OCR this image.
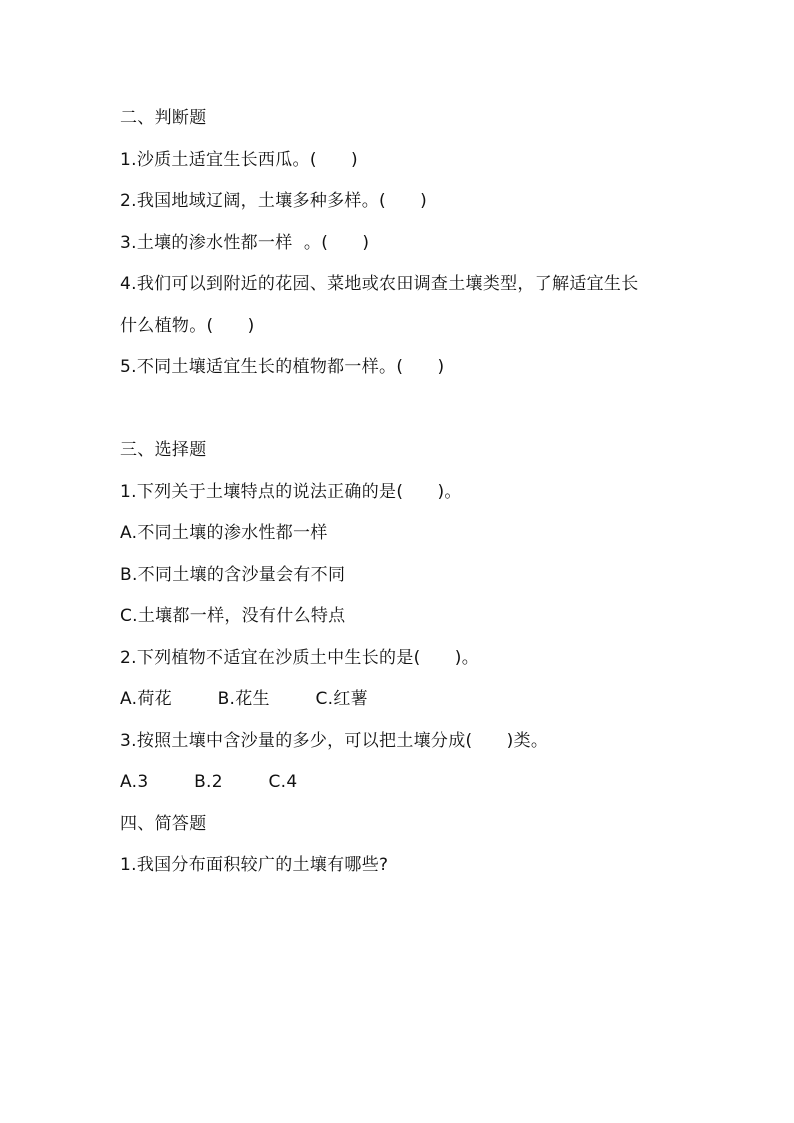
二、判断题
1.沙质土适宜生长西瓜。(      )
2.我国地域辽阔，土壤多种多样。(      )
3.土壤的渗水性都一样  。(      )
4.我们可以到附近的花园、菜地或农田调查土壤类型，了解适宜生长
什么植物。(      )
5.不同土壤适宜生长的植物都一样。(      )
三、选择题
1.下列关于土壤特点的说法正确的是(      )。
A.不同土壤的渗水性都一样
B.不同土壤的含沙量会有不同
C.土壤都一样，没有什么特点
2.下列植物不适宜在沙质土中生长的是(      )。
A.荷花        B.花生        C.红薯
3.按照土壤中含沙量的多少，可以把土壤分成(      )类。
A.3        B.2        C.4
四、简答题
1.我国分布面积较广的土壤有哪些?
